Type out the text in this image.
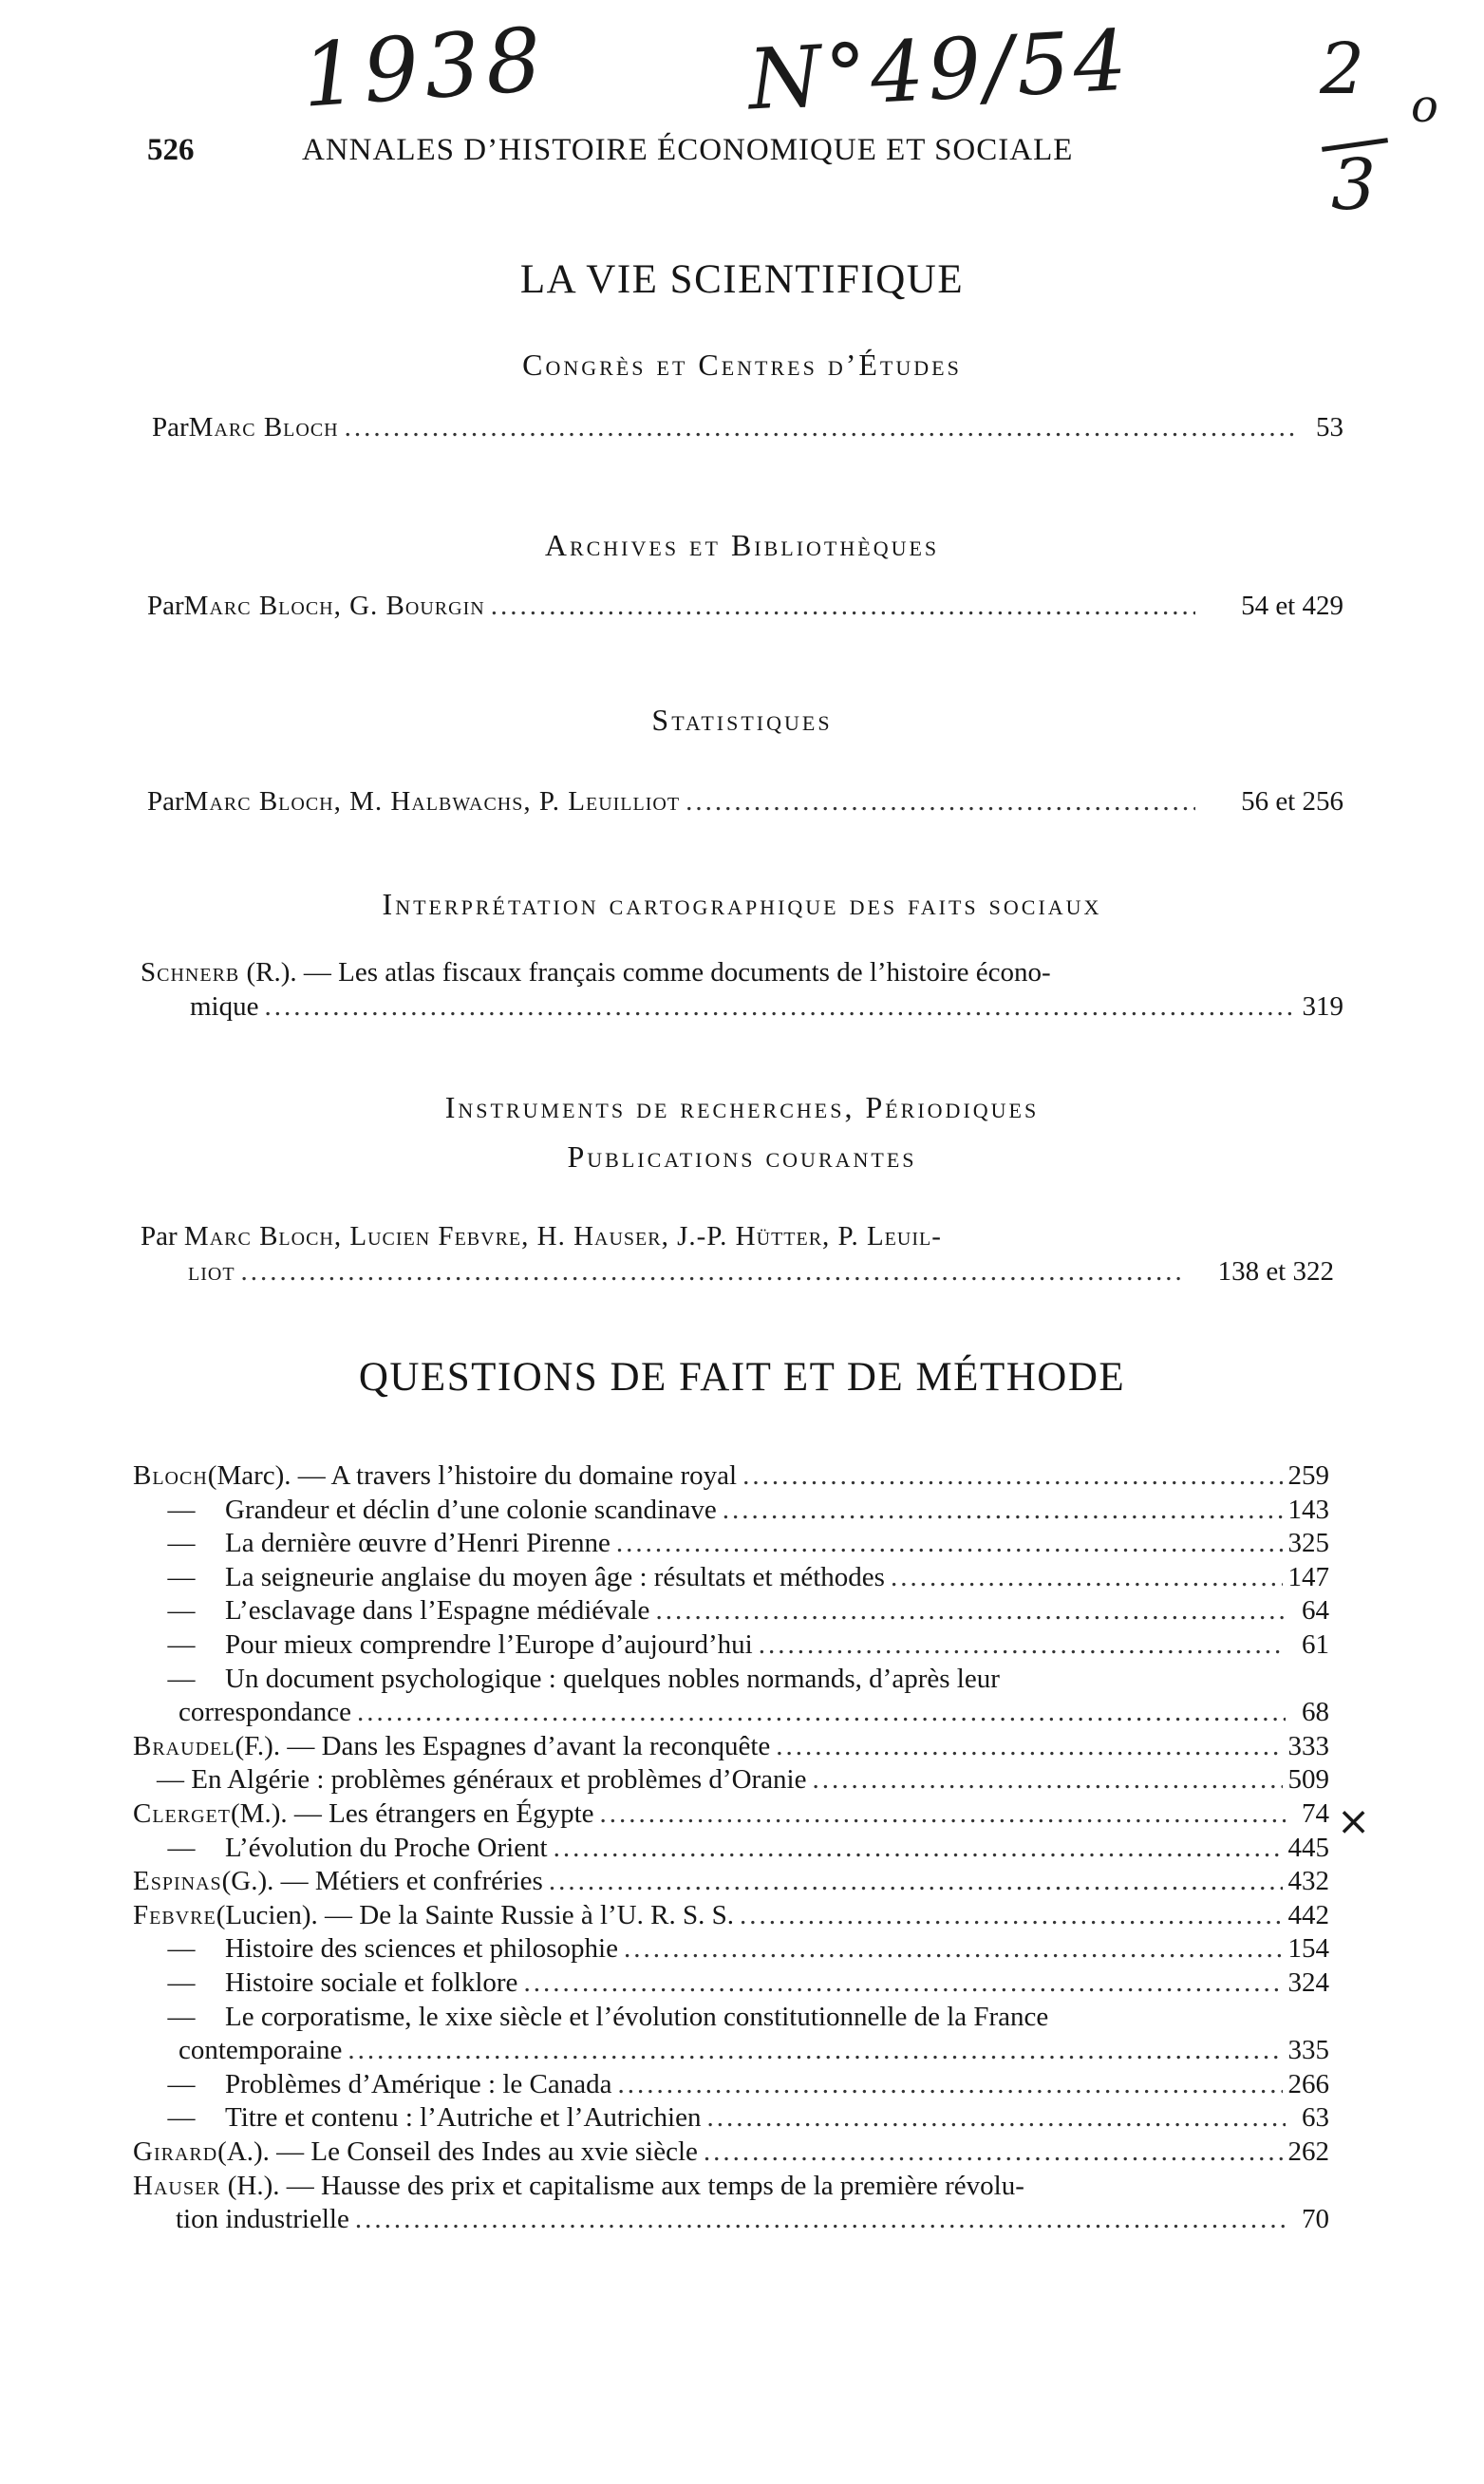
1938 N°49/54	2
3
o
×
526	ANNALES D’HISTOIRE ÉCONOMIQUE ET SOCIALE
LA VIE SCIENTIFIQUE
Congrès et Centres d’Études
Par Marc Bloch .....	53
Archives et Bibliothèques
Par Marc Bloch, G. Bourgin .....	54 et 429
Statistiques
Par Marc Bloch, M. Halbwachs, P. Leuilliot .....	56 et 256
Interprétation cartographique des faits sociaux
Schnerb (R.). — Les atlas fiscaux français comme documents de l’histoire écono-
mique .....	319
Instruments de recherches, Périodiques
Publications courantes
Par Marc Bloch, Lucien Febvre, H. Hauser, J.-P. Hütter, P. Leuil-
liot .....	138 et 322
QUESTIONS DE FAIT ET DE MÉTHODE
Bloch (Marc). — A travers l’histoire du domaine royal .....	259
—	Grandeur et déclin d’une colonie scandinave .....	143
—	La dernière œuvre d’Henri Pirenne .....	325
—	La seigneurie anglaise du moyen âge : résultats et méthodes .....	147
—	L’esclavage dans l’Espagne médiévale .....	64
—	Pour mieux comprendre l’Europe d’aujourd’hui .....	61
— Un document psychologique : quelques nobles normands, d’après leur
correspondance .....	68
Braudel (F.). — Dans les Espagnes d’avant la reconquête .....	333
— En Algérie : problèmes généraux et problèmes d’Oranie .....	509
Clerget (M.). — Les étrangers en Égypte .....	74
—	L’évolution du Proche Orient .....	445
Espinas (G.). — Métiers et confréries .....	432
Febvre (Lucien). — De la Sainte Russie à l’U. R. S. S. .....	442
—	Histoire des sciences et philosophie .....	154
—	Histoire sociale et folklore .....	324
— Le corporatisme, le xixe siècle et l’évolution constitutionnelle de la France
contemporaine .....	335
—	Problèmes d’Amérique : le Canada .....	266
—	Titre et contenu : l’Autriche et l’Autrichien .....	63
Girard (A.). — Le Conseil des Indes au xvie siècle .....	262
Hauser (H.). — Hausse des prix et capitalisme aux temps de la première révolu-
tion industrielle .....	70
